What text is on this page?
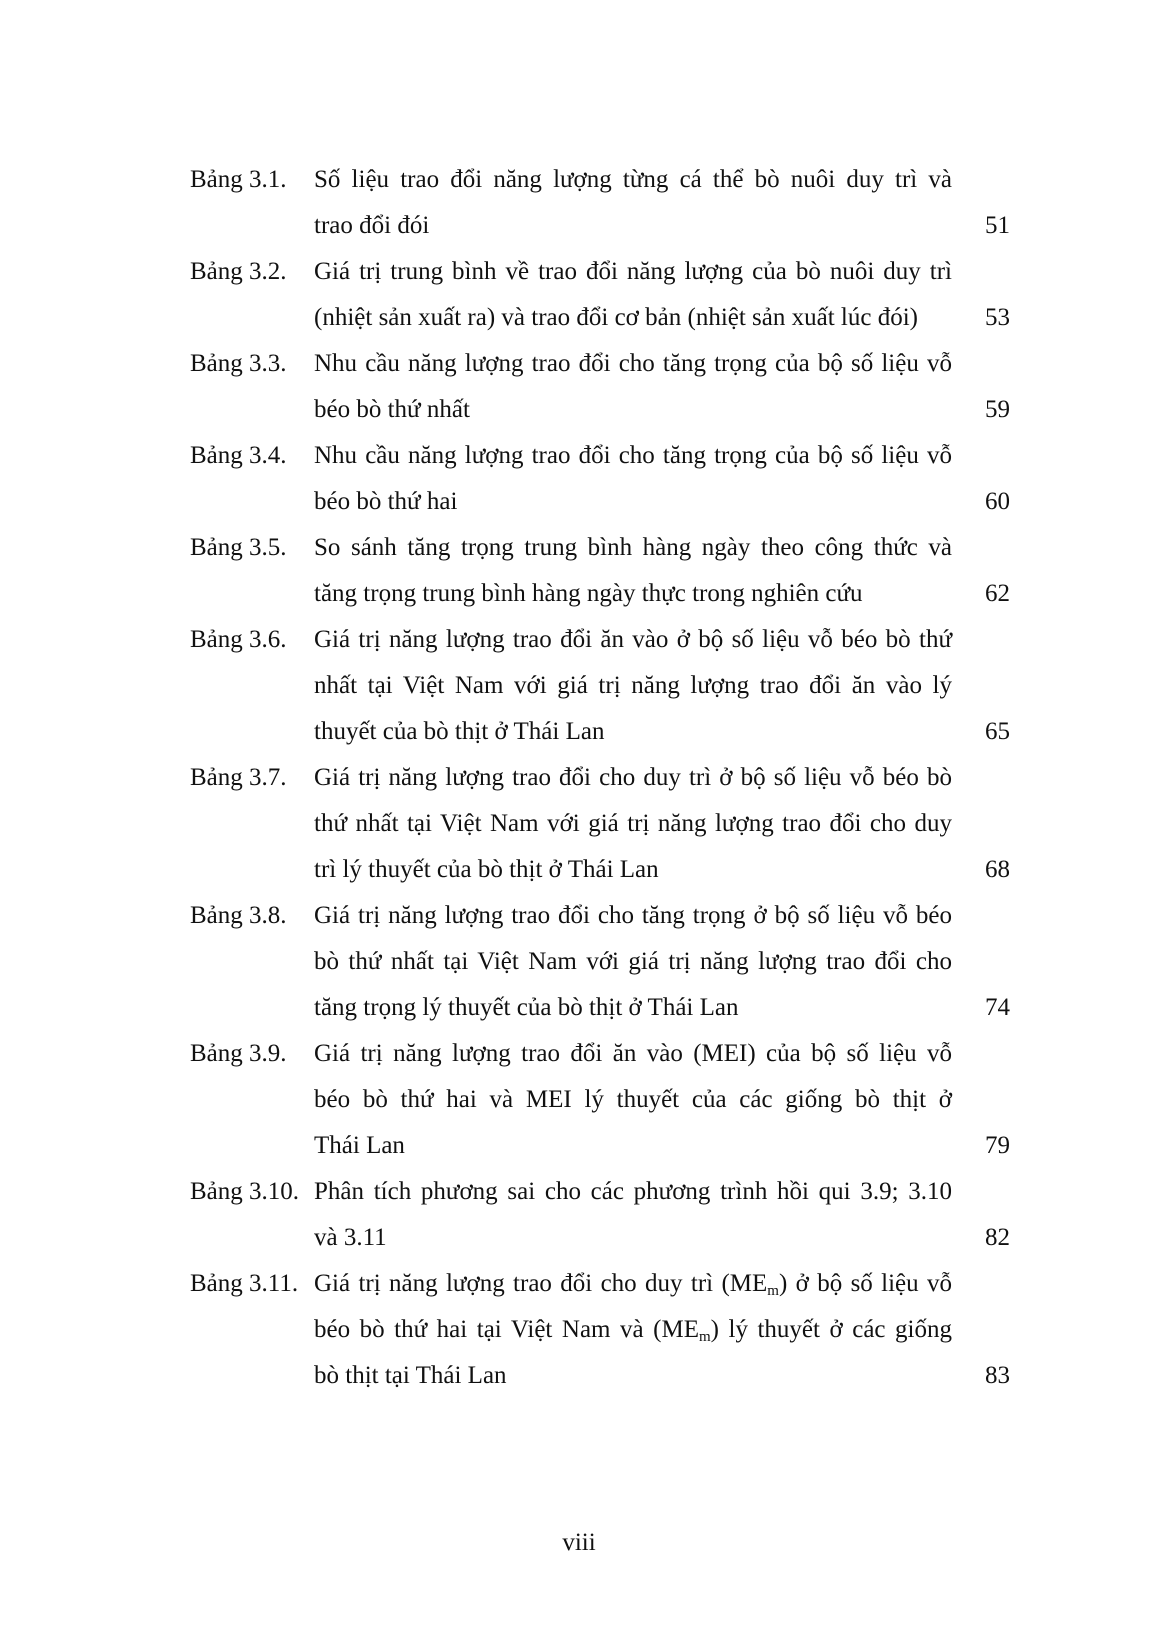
Bảng 3.1.	Số liệu trao đổi năng lượng từng cá thể bò nuôi duy trì và
trao đổi đói	51
Bảng 3.2.	Giá trị trung bình về trao đổi năng lượng của bò nuôi duy trì
(nhiệt sản xuất ra) và trao đổi cơ bản (nhiệt sản xuất lúc đói)	53
Bảng 3.3.	Nhu cầu năng lượng trao đổi cho tăng trọng của bộ số liệu vỗ
béo bò thứ nhất	59
Bảng 3.4.	Nhu cầu năng lượng trao đổi cho tăng trọng của bộ số liệu vỗ
béo bò thứ hai	60
Bảng 3.5.	So sánh tăng trọng trung bình hàng ngày theo công thức và
tăng trọng trung bình hàng ngày thực trong nghiên cứu	62
Bảng 3.6.	Giá trị năng lượng trao đổi ăn vào ở bộ số liệu vỗ béo bò thứ
nhất tại Việt Nam với giá trị năng lượng trao đổi ăn vào lý
thuyết của bò thịt ở Thái Lan	65
Bảng 3.7.	Giá trị năng lượng trao đổi cho duy trì ở bộ số liệu vỗ béo bò
thứ nhất tại Việt Nam với giá trị năng lượng trao đổi cho duy
trì lý thuyết của bò thịt ở Thái Lan	68
Bảng 3.8.	Giá trị năng lượng trao đổi cho tăng trọng ở bộ số liệu vỗ béo
bò thứ nhất tại Việt Nam với giá trị năng lượng trao đổi cho
tăng trọng lý thuyết của bò thịt ở Thái Lan	74
Bảng 3.9.	Giá trị năng lượng trao đổi ăn vào (MEI) của bộ số liệu vỗ
béo bò thứ hai và MEI lý thuyết của các giống bò thịt ở
Thái Lan	79
Bảng 3.10. Phân tích phương sai cho các phương trình hồi qui 3.9; 3.10
và 3.11	82
Bảng 3.11. Giá trị năng lượng trao đổi cho duy trì $(ME_m)$ ở bộ số liệu vỗ
béo bò thứ hai tại Việt Nam và $(ME_m)$ lý thuyết ở các giống
bò thịt tại Thái Lan	83
viii
